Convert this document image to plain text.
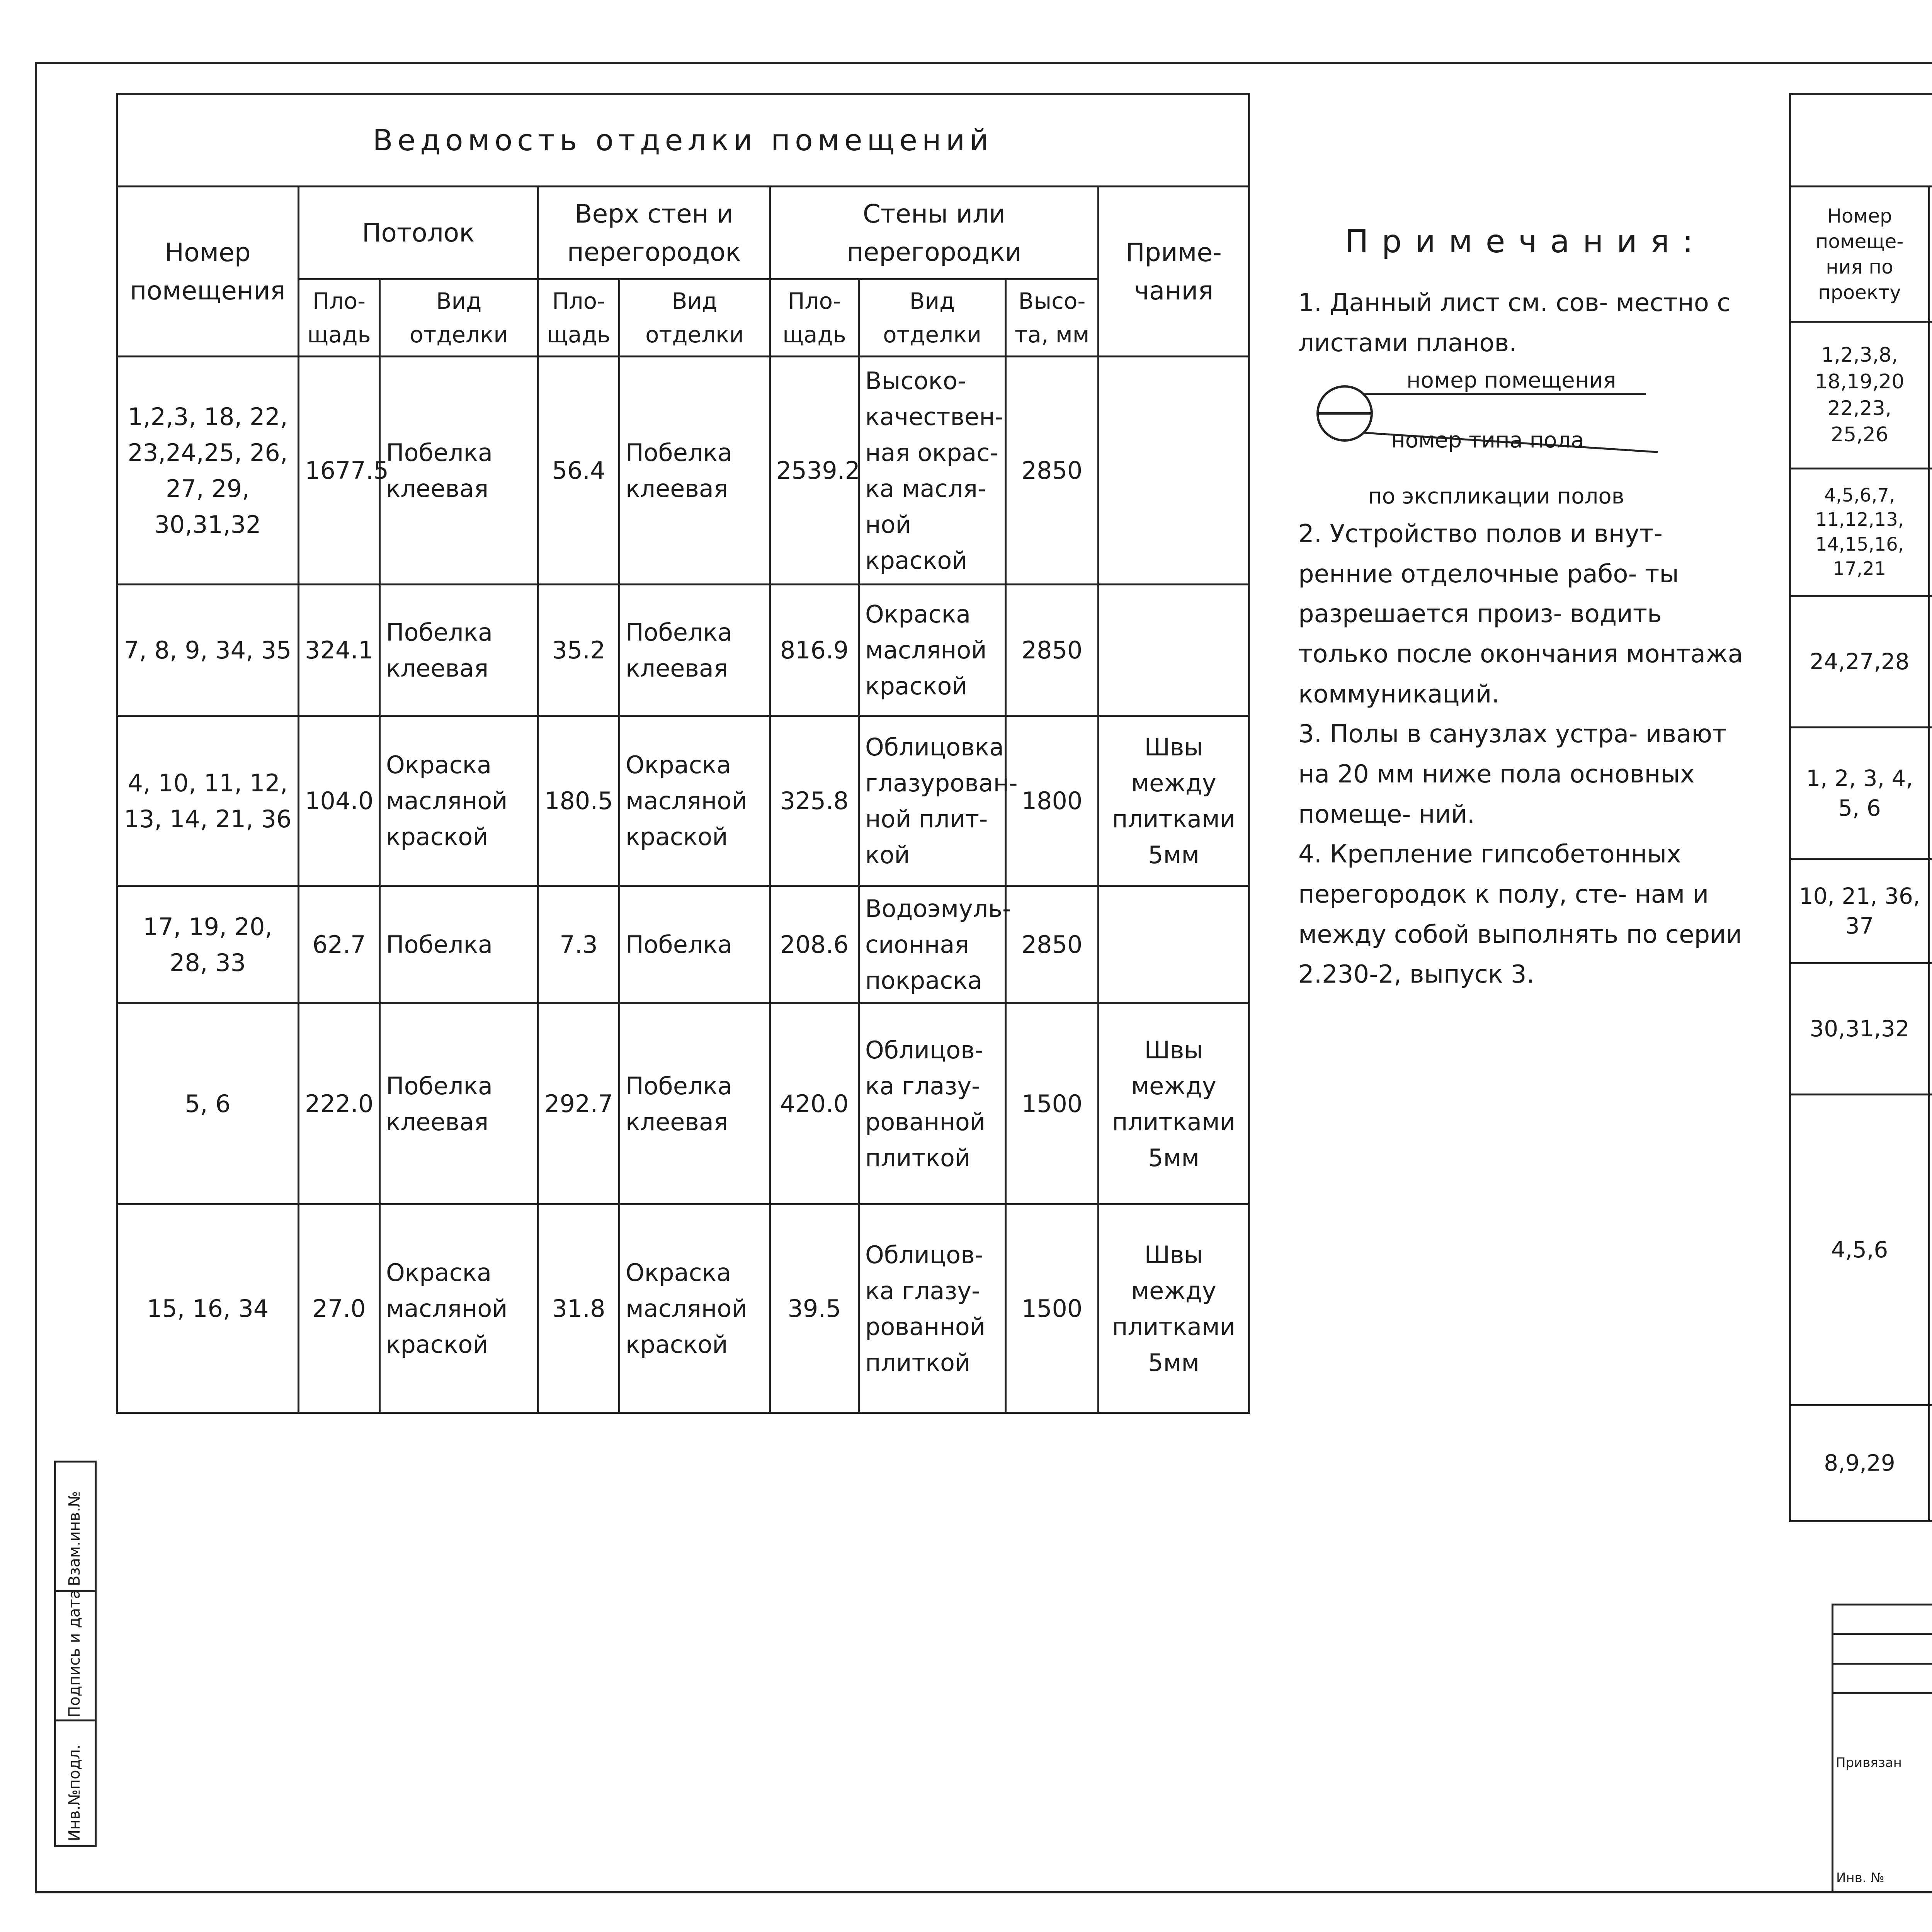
Ведомость отделки помещений								
Номер помещения	Потолок		Верх стен и перегородок		Стены или перегородки			Приме- чания
	Пло- щадь	Вид отделки	Пло- щадь	Вид отделки	Пло- щадь	Вид отделки	Высо- та, мм	
1,2,3, 18, 22, 23,24,25, 26, 27, 29, 30,31,32	1677.5	Побелка клеевая	56.4	Побелка клеевая	2539.2	Высоко- качествен- ная окрас- ка масля- ной краской	2850	
7, 8, 9, 34, 35	324.1	Побелка клеевая	35.2	Побелка клеевая	816.9	Окраска масляной краской	2850	
4, 10, 11, 12, 13, 14, 21, 36	104.0	Окраска масляной краской	180.5	Окраска масляной краской	325.8	Облицовка глазурован- ной плит- кой	1800	Швы между плитками 5мм
17, 19, 20, 28, 33	62.7	Побелка	7.3	Побелка	208.6	Водоэмуль- сионная покраска	2850	
5, 6	222.0	Побелка клеевая	292.7	Побелка клеевая	420.0	Облицов- ка глазу- рованной плиткой	1500	Швы между плитками 5мм
15, 16, 34	27.0	Окраска масляной краской	31.8	Окраска масляной краской	39.5	Облицов- ка глазу- рованной плиткой	1500	Швы между плитками 5мм
Примечания:

1. Данный лист см. сов- местно с листами планов.

номер помещения
номер типа пола

по экспликации полов

2. Устройство полов и внут- ренние отделочные рабо- ты разрешается произ- водить только после окончания монтажа коммуникаций.

3. Полы в санузлах устра- ивают на 20 мм ниже пола основных помеще- ний.

4. Крепление гипсобетонных перегородок к полу, сте- нам и между собой выполнять по серии 2.230-2, выпуск 3.

Номер помеще- ния по проекту				
1,2,3,8, 18,19,20 22,23, 25,26				
4,5,6,7, 11,12,13, 14,15,16, 17,21				
24,27,28				
1, 2, 3, 4, 5, 6				
10, 21, 36, 37				
30,31,32				
4,5,6				
8,9,29				
Инв.№подл.
Подпись и дата
Взам.инв.№

Привязан			

Инв. №
